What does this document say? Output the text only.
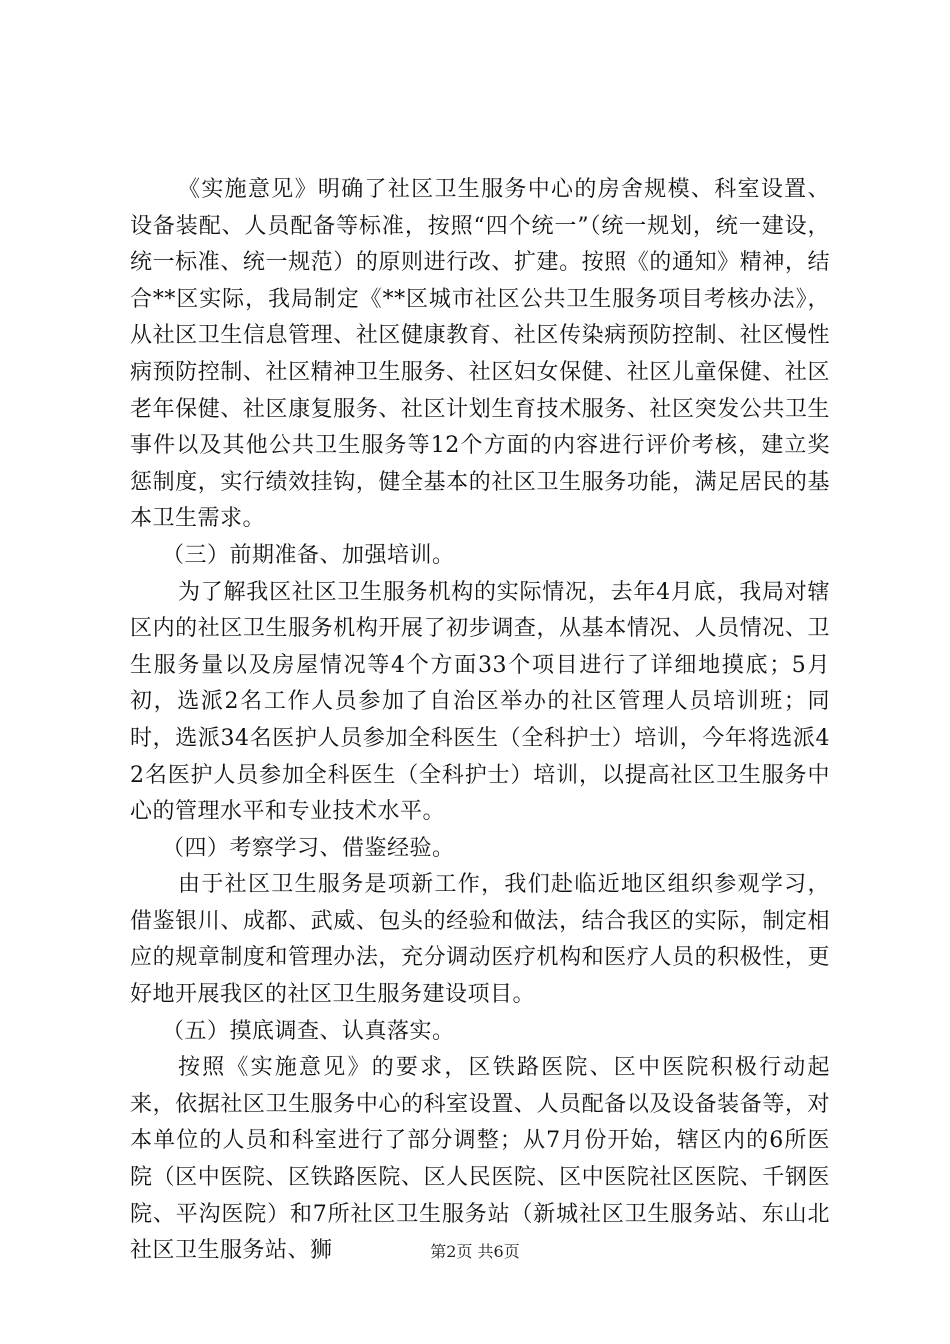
《实施意见》明确了社区卫生服务中心的房舍规模、科室设置、设备装配、人员配备等标准，按照“四个统一”（统一规划，统一建设，统一标准、统一规范）的原则进行改、扩建。按照《的通知》精神，结合**区实际，我局制定《**区城市社区公共卫生服务项目考核办法》，从社区卫生信息管理、社区健康教育、社区传染病预防控制、社区慢性病预防控制、社区精神卫生服务、社区妇女保健、社区儿童保健、社区老年保健、社区康复服务、社区计划生育技术服务、社区突发公共卫生事件以及其他公共卫生服务等12个方面的内容进行评价考核，建立奖惩制度，实行绩效挂钩，健全基本的社区卫生服务功能，满足居民的基本卫生需求。

（三）前期准备、加强培训。

为了解我区社区卫生服务机构的实际情况，去年4月底，我局对辖区内的社区卫生服务机构开展了初步调查，从基本情况、人员情况、卫生服务量以及房屋情况等4个方面33个项目进行了详细地摸底；5月初，选派2名工作人员参加了自治区举办的社区管理人员培训班；同时，选派34名医护人员参加全科医生（全科护士）培训，今年将选派42名医护人员参加全科医生（全科护士）培训，以提高社区卫生服务中心的管理水平和专业技术水平。

（四）考察学习、借鉴经验。

由于社区卫生服务是项新工作，我们赴临近地区组织参观学习，借鉴银川、成都、武威、包头的经验和做法，结合我区的实际，制定相应的规章制度和管理办法，充分调动医疗机构和医疗人员的积极性，更好地开展我区的社区卫生服务建设项目。

（五）摸底调查、认真落实。

按照《实施意见》的要求，区铁路医院、区中医院积极行动起来，依据社区卫生服务中心的科室设置、人员配备以及设备装备等，对本单位的人员和科室进行了部分调整；从7月份开始，辖区内的6所医院（区中医院、区铁路医院、区人民医院、区中医院社区医院、千钢医院、平沟医院）和7所社区卫生服务站（新城社区卫生服务站、东山北社区卫生服务站、狮	第2页 共6页
